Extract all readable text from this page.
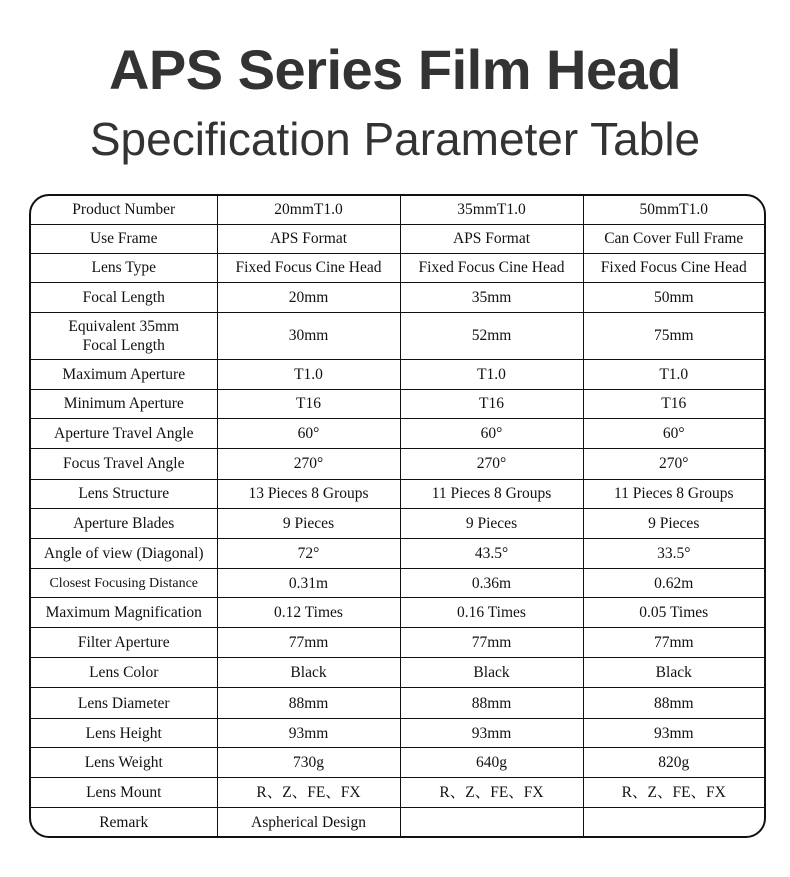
APS Series Film Head
Specification Parameter Table
Product Number	20mmT1.0	35mmT1.0	50mmT1.0
Use Frame	APS Format	APS Format	Can Cover Full Frame
Lens Type	Fixed Focus Cine Head	Fixed Focus Cine Head	Fixed Focus Cine Head
Focal Length	20mm	35mm	50mm
Equivalent 35mm Focal Length	30mm	52mm	75mm
Maximum Aperture	T1.0	T1.0	T1.0
Minimum Aperture	T16	T16	T16
Aperture Travel Angle	60°	60°	60°
Focus Travel Angle	270°	270°	270°
Lens Structure	13 Pieces 8 Groups	11 Pieces 8 Groups	11 Pieces 8 Groups
Aperture Blades	9 Pieces	9 Pieces	9 Pieces
Angle of view (Diagonal)	72°	43.5°	33.5°
Closest Focusing Distance	0.31m	0.36m	0.62m
Maximum Magnification	0.12 Times	0.16 Times	0.05 Times
Filter Aperture	77mm	77mm	77mm
Lens Color	Black	Black	Black
Lens Diameter	88mm	88mm	88mm
Lens Height	93mm	93mm	93mm
Lens Weight	730g	640g	820g
Lens Mount	R、Z、FE、FX	R、Z、FE、FX	R、Z、FE、FX
Remark	Aspherical Design		
